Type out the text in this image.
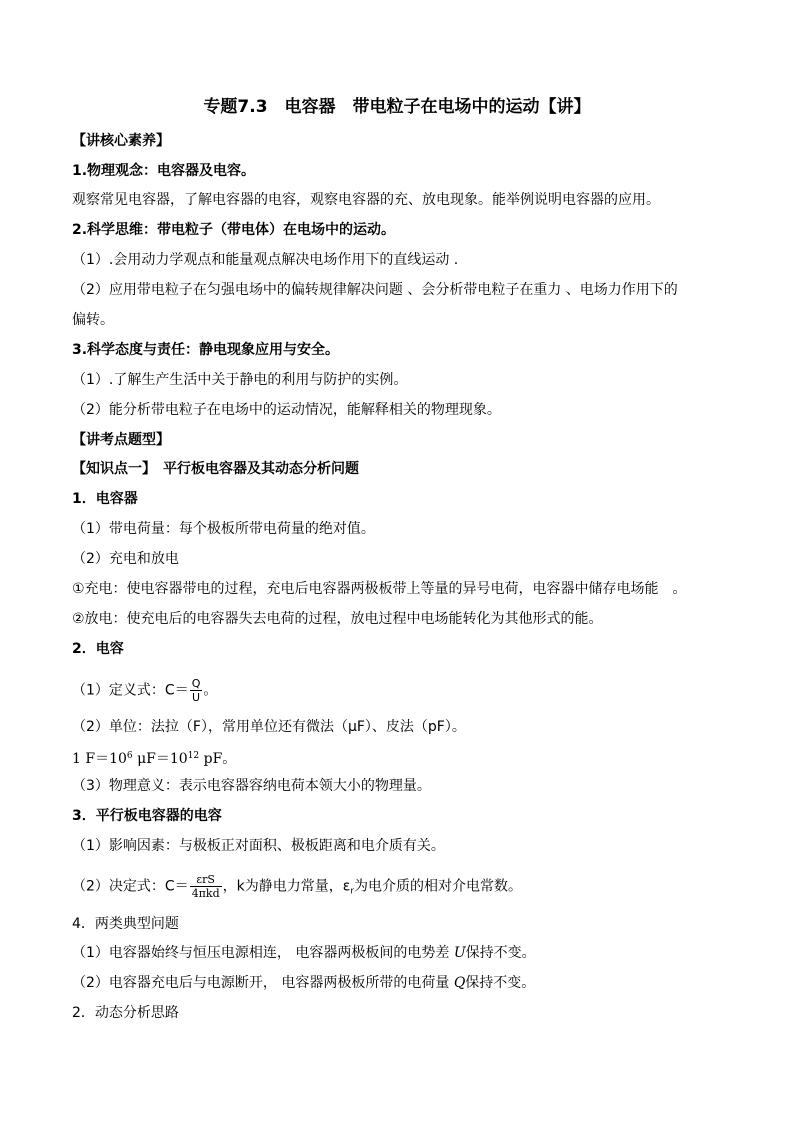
专题7.3　电容器　带电粒子在电场中的运动【讲】
【讲核心素养】
1.物理观念：电容器及电容。
观察常见电容器，了解电容器的电容，观察电容器的充、放电现象。能举例说明电容器的应用。
2.科学思维：带电粒子（带电体）在电场中的运动。
（1）.会用动力学观点和能量观点解决电场作用下的直线运动 .
（2）应用带电粒子在匀强电场中的偏转规律解决问题 、会分析带电粒子在重力 、电场力作用下的
偏转。
3.科学态度与责任：静电现象应用与安全。
（1）.了解生产生活中关于静电的利用与防护的实例。
（2）能分析带电粒子在电场中的运动情况，能解释相关的物理现象。
【讲考点题型】
【知识点一】　平行板电容器及其动态分析问题
1．电容器
（1）带电荷量：每个极板所带电荷量的绝对值。
（2）充电和放电
①充电：使电容器带电的过程，充电后电容器两极板带上等量的异号电荷，电容器中储存电场能　。
②放电：使充电后的电容器失去电荷的过程，放电过程中电场能转化为其他形式的能。
2．电容
（1）定义式：$C= \frac{Q}{U}$ 。
（2）单位：法拉（F），常用单位还有微法（μF）、皮法（pF）。
1 $F=10^6$ $\mu F=10^{12}$ pF。
（3）物理意义：表示电容器容纳电荷本领大小的物理量。
3．平行板电容器的电容
（1）影响因素：与极板正对面积、极板距离和电介质有关。
（2）决定式：$C= \frac{\text{εrS}}{\text{4πkd}}$ ，k为静电力常量，$\varepsilon_r$为电介质的相对介电常数。
4．两类典型问题
（1）电容器始终与恒压电源相连， 电容器两极板间的电势差 U保持不变。
（2）电容器充电后与电源断开， 电容器两极板所带的电荷量 Q保持不变。
2．动态分析思路
